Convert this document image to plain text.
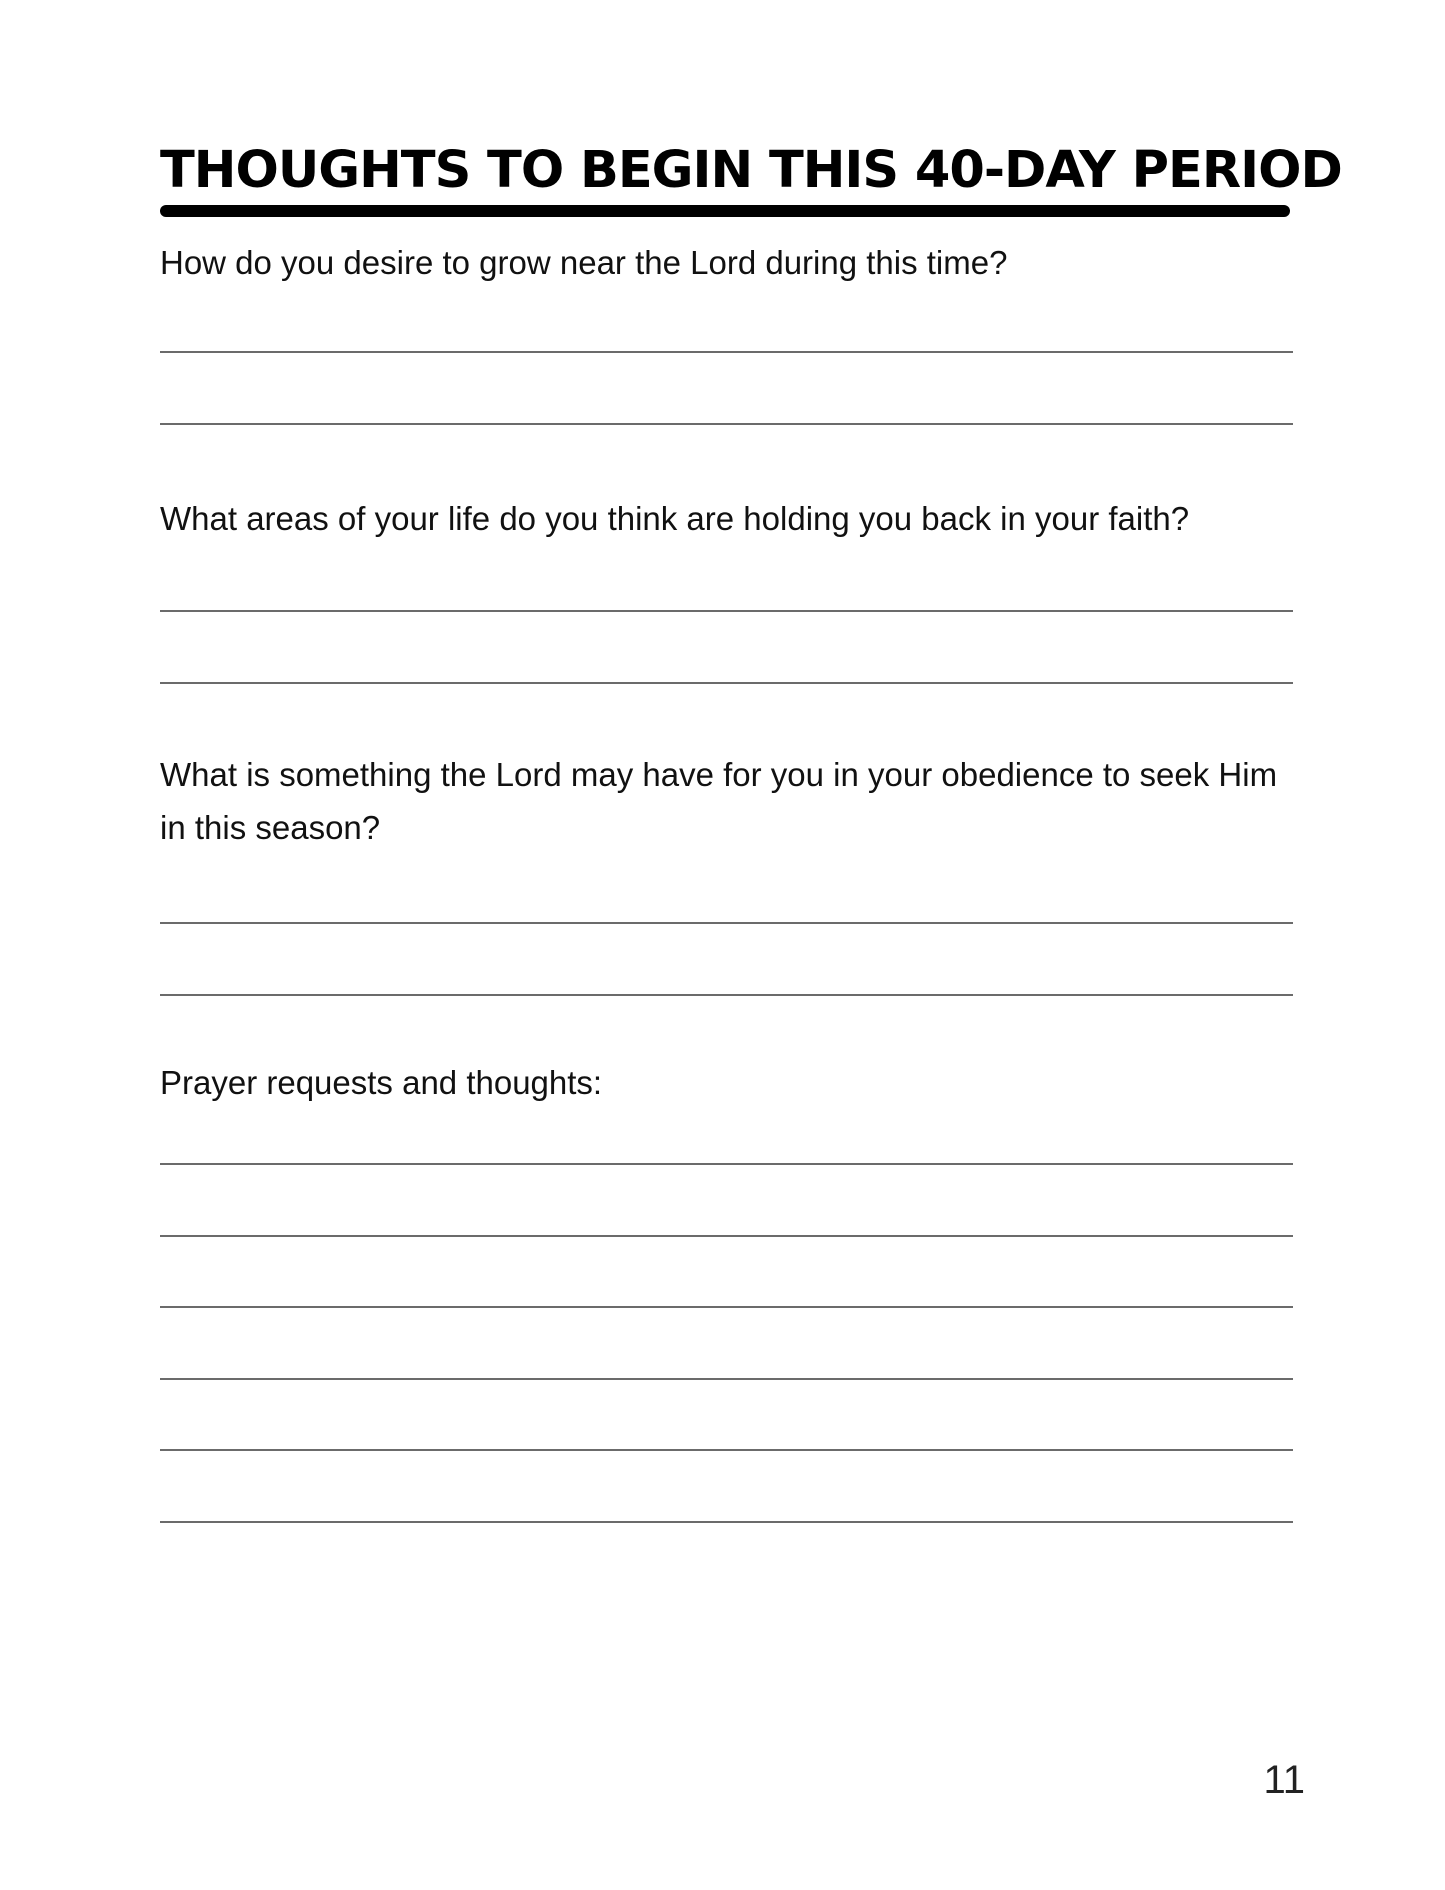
THOUGHTS TO BEGIN THIS 40-DAY PERIOD

How do you desire to grow near the Lord during this time?

What areas of your life do you think are holding you back in your faith?

What is something the Lord may have for you in your obedience to seek Him in this season?

Prayer requests and thoughts:

11
